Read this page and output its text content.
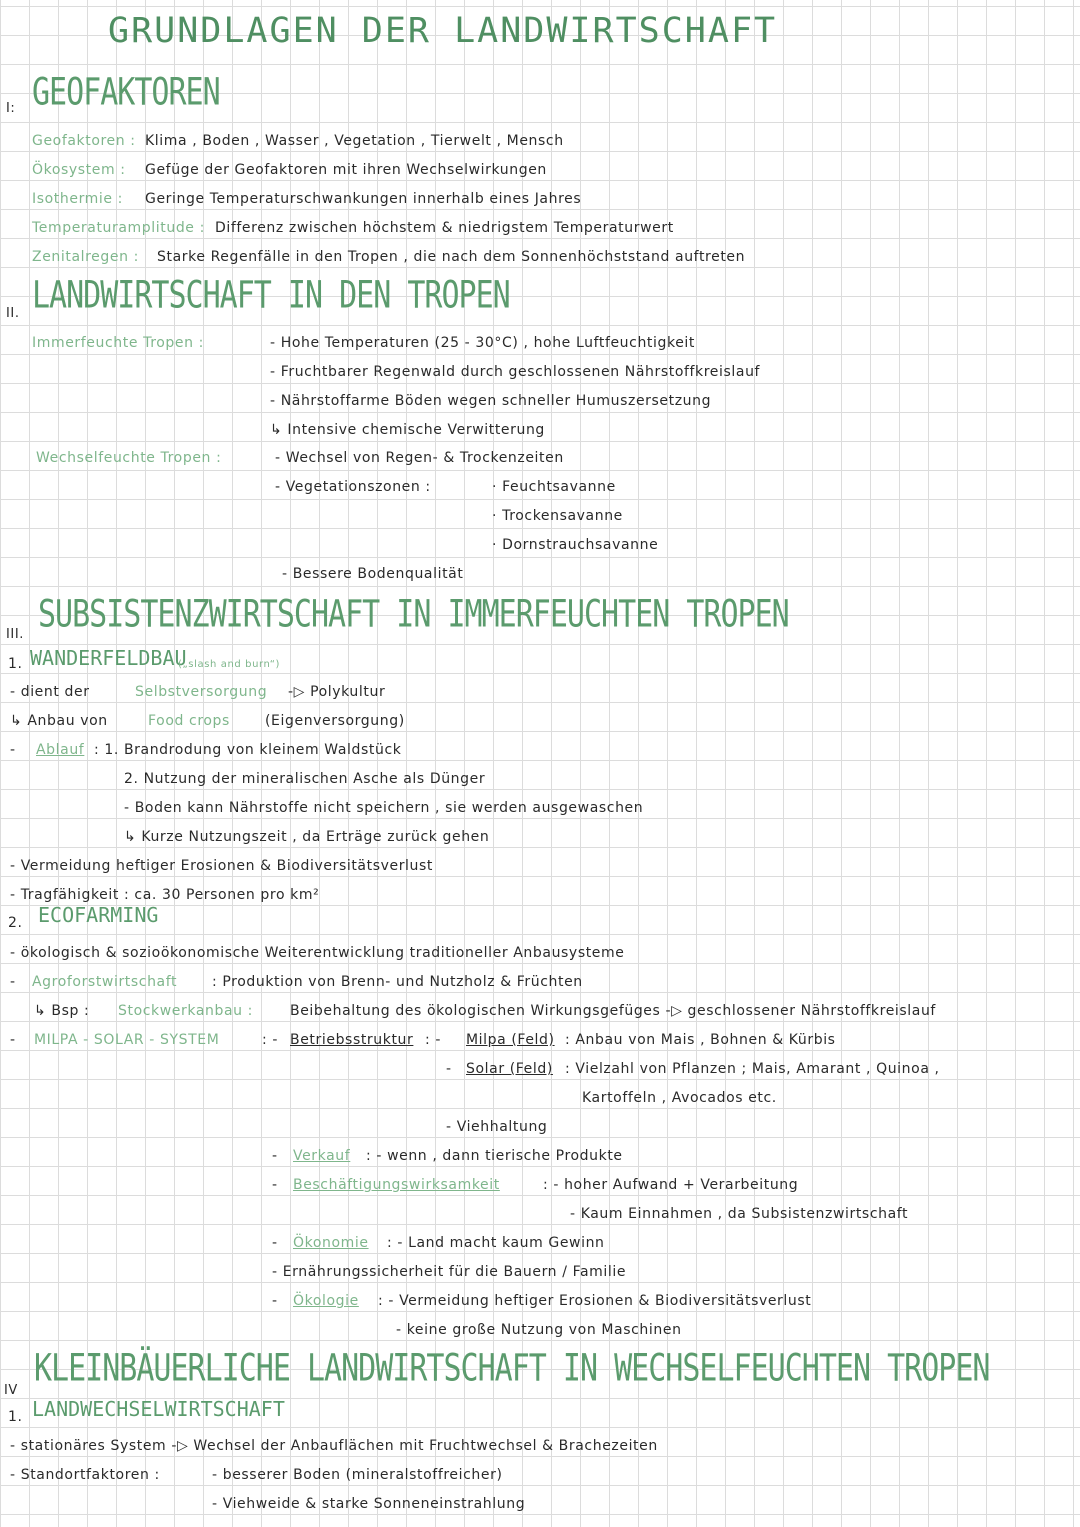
GRUNDLAGEN DER LANDWIRTSCHAFT
I: GEOFAKTOREN
Geofaktoren : Klima , Boden , Wasser , Vegetation , Tierwelt , Mensch
Ökosystem : Gefüge der Geofaktoren mit ihren Wechselwirkungen
Isothermie : Geringe Temperaturschwankungen innerhalb eines Jahres
Temperaturamplitude : Differenz zwischen höchstem & niedrigstem Temperaturwert
Zenitalregen : Starke Regenfälle in den Tropen , die nach dem Sonnenhöchststand auftreten
II. LANDWIRTSCHAFT IN DEN TROPEN
Immerfeuchte Tropen :	- Hohe Temperaturen (25 - 30°C) , hohe Luftfeuchtigkeit
- Fruchtbarer Regenwald durch geschlossenen Nährstoffkreislauf
- Nährstoffarme Böden wegen schneller Humuszersetzung
↳ Intensive chemische Verwitterung
Wechselfeuchte Tropen :	- Wechsel von Regen- & Trockenzeiten
- Vegetationszonen :	· Feuchtsavanne
· Trockensavanne
· Dornstrauchsavanne
- Bessere Bodenqualität
III. SUBSISTENZWIRTSCHAFT IN IMMERFEUCHTEN TROPEN
1. WANDERFELDBAU
(„slash and burn“)
- dient der	Selbstversorgung -▷ Polykultur
↳ Anbau von	Food crops	(Eigenversorgung)
- Ablauf : 1. Brandrodung von kleinem Waldstück
2. Nutzung der mineralischen Asche als Dünger
- Boden kann Nährstoffe nicht speichern , sie werden ausgewaschen
↳ Kurze Nutzungszeit , da Erträge zurück gehen
- Vermeidung heftiger Erosionen & Biodiversitätsverlust
- Tragfähigkeit : ca. 30 Personen pro km²
2. ECOFARMING
- ökologisch & sozioökonomische Weiterentwicklung traditioneller Anbausysteme
- Agroforstwirtschaft : Produktion von Brenn- und Nutzholz & Früchten
↳ Bsp : Stockwerkanbau :	Beibehaltung des ökologischen Wirkungsgefüges -▷ geschlossener Nährstoffkreislauf
- MILPA - SOLAR - SYSTEM	: - Betriebsstruktur : - Milpa (Feld) : Anbau von Mais , Bohnen & Kürbis
- Solar (Feld) : Vielzahl von Pflanzen ; Mais, Amarant , Quinoa ,
Kartoffeln , Avocados etc.
- Viehhaltung
- Verkauf : - wenn , dann tierische Produkte
- Beschäftigungswirksamkeit	: - hoher Aufwand + Verarbeitung
- Kaum Einnahmen , da Subsistenzwirtschaft
- Ökonomie : - Land macht kaum Gewinn
- Ernährungssicherheit für die Bauern / Familie
- Ökologie : - Vermeidung heftiger Erosionen & Biodiversitätsverlust
- keine große Nutzung von Maschinen
IV KLEINBÄUERLICHE LANDWIRTSCHAFT IN WECHSELFEUCHTEN TROPEN
1. LANDWECHSELWIRTSCHAFT
- stationäres System -▷ Wechsel der Anbauflächen mit Fruchtwechsel & Brachezeiten
- Standortfaktoren :	- besserer Boden (mineralstoffreicher)
- Viehweide & starke Sonneneinstrahlung
